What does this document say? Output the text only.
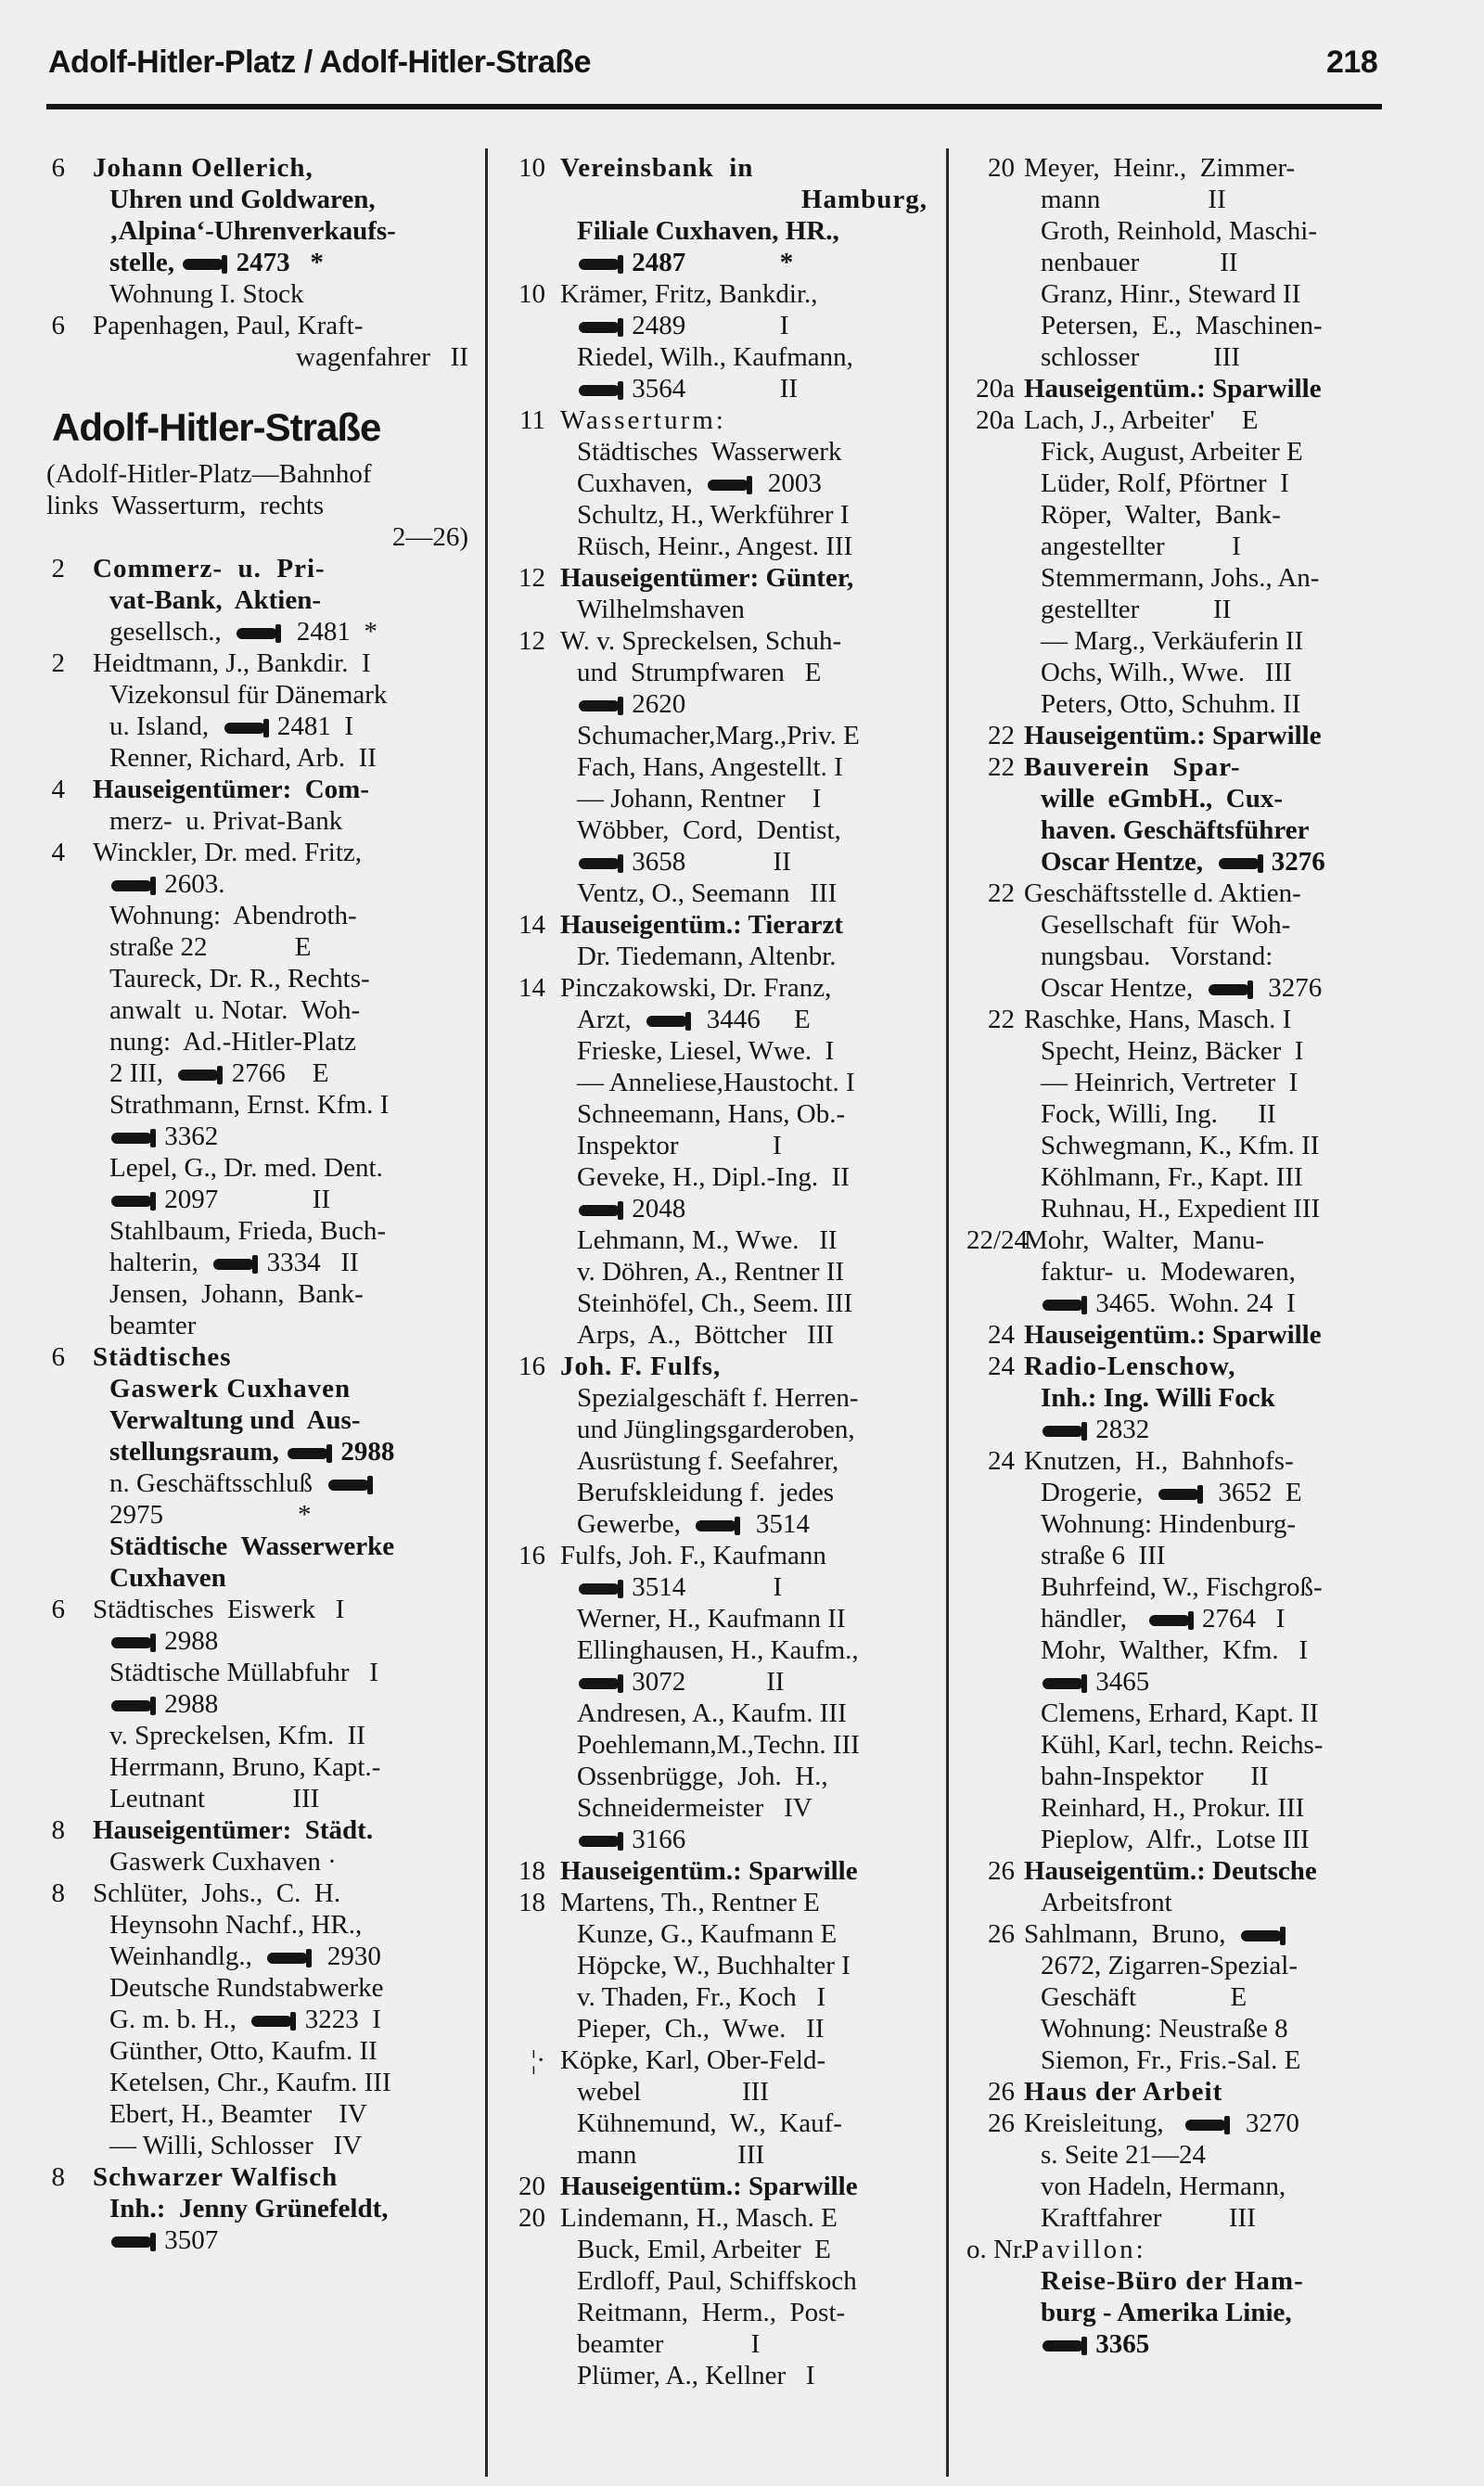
Adolf-Hitler-Platz / Adolf-Hitler-Straße	218
6 Johann Oellerich,
Uhren und Goldwaren,
‚Alpina‘-Uhrenverkaufs-
stelle,  2473   *
Wohnung I. Stock
6 Papenhagen, Paul, Kraft-
wagenfahrer   II
Adolf-Hitler-Straße
(Adolf-Hitler-Platz—Bahnhof
links  Wasserturm,  rechts
2—26)
2 Commerz-  u.  Pri-
vat-Bank,  Aktien-
gesellsch.,    2481  *
2 Heidtmann, J., Bankdir.  I
Vizekonsul für Dänemark
u. Island,   2481  I
Renner, Richard, Arb.  II
4 Hauseigentümer:  Com-
merz-  u. Privat-Bank
4 Winckler, Dr. med. Fritz,
2603.
Wohnung:  Abendroth-
straße 22             E
Taureck, Dr. R., Rechts-
anwalt  u. Notar.  Woh-
nung:  Ad.-Hitler-Platz
2 III,   2766    E
Strathmann, Ernst. Kfm. I
3362
Lepel, G., Dr. med. Dent.
2097              II
Stahlbaum, Frieda, Buch-
halterin,   3334   II
Jensen,  Johann,  Bank-
beamter
6 Städtisches
Gaswerk Cuxhaven
Verwaltung und  Aus-
stellungsraum,  2988
n. Geschäftsschluß
2975                    *
Städtische  Wasserwerke
Cuxhaven
6 Städtisches  Eiswerk   I
2988
Städtische Müllabfuhr   I
2988
v. Spreckelsen, Kfm.  II
Herrmann, Bruno, Kapt.-
Leutnant             III
8 Hauseigentümer:  Städt.
Gaswerk Cuxhaven ·
8 Schlüter,  Johs.,  C.  H.
Heynsohn Nachf., HR.,
Weinhandlg.,    2930
Deutsche Rundstabwerke
G. m. b. H.,   3223  I
Günther, Otto, Kaufm. II
Ketelsen, Chr., Kaufm. III
Ebert, H., Beamter    IV
— Willi, Schlosser   IV
8 Schwarzer Walfisch
Inh.:  Jenny Grünefeldt,
3507
10 Vereinsbank  in
Hamburg,
Filiale Cuxhaven, HR.,
2487              *
10 Krämer, Fritz, Bankdir.,
2489              I
Riedel, Wilh., Kaufmann,
3564              II
11 Wasserturm:
Städtisches  Wasserwerk
Cuxhaven,    2003
Schultz, H., Werkführer I
Rüsch, Heinr., Angest. III
12 Hauseigentümer: Günter,
Wilhelmshaven
12 W. v. Spreckelsen, Schuh-
und  Strumpfwaren   E
2620
Schumacher,Marg.,Priv. E
Fach, Hans, Angestellt. I
— Johann, Rentner    I
Wöbber,  Cord,  Dentist,
3658             II
Ventz, O., Seemann   III
14 Hauseigentüm.: Tierarzt
Dr. Tiedemann, Altenbr.
14 Pinczakowski, Dr. Franz,
Arzt,    3446     E
Frieske, Liesel, Wwe.  I
— Anneliese,Haustocht. I
Schneemann, Hans, Ob.-
Inspektor              I
Geveke, H., Dipl.-Ing.  II
2048
Lehmann, M., Wwe.   II
v. Döhren, A., Rentner II
Steinhöfel, Ch., Seem. III
Arps,  A.,  Böttcher   III
16 Joh. F. Fulfs,
Spezialgeschäft f. Herren-
und Jünglingsgarderoben,
Ausrüstung f. Seefahrer,
Berufskleidung f.  jedes
Gewerbe,    3514
16 Fulfs, Joh. F., Kaufmann
3514             I
Werner, H., Kaufmann II
Ellinghausen, H., Kaufm.,
3072            II
Andresen, A., Kaufm. III
Poehlemann,M.,Techn. III
Ossenbrügge,  Joh.  H.,
Schneidermeister   IV
3166
18 Hauseigentüm.: Sparwille
18 Martens, Th., Rentner E
Kunze, G., Kaufmann E
Höpcke, W., Buchhalter I
v. Thaden, Fr., Koch   I
Pieper,  Ch.,  Wwe.   II
¦· Köpke, Karl, Ober-Feld-
webel               III
Kühnemund,  W.,  Kauf-
mann               III
20 Hauseigentüm.: Sparwille
20 Lindemann, H., Masch. E
Buck, Emil, Arbeiter  E
Erdloff, Paul, Schiffskoch
Reitmann,  Herm.,  Post-
beamter             I
Plümer, A., Kellner   I
20 Meyer,  Heinr.,  Zimmer-
mann                II
Groth, Reinhold, Maschi-
nenbauer            II
Granz, Hinr., Steward II
Petersen,  E.,  Maschinen-
schlosser           III
20a Hauseigentüm.: Sparwille
20a Lach, J., Arbeiter'    E
Fick, August, Arbeiter E
Lüder, Rolf, Pförtner  I
Röper,  Walter,  Bank-
angestellter          I
Stemmermann, Johs., An-
gestellter           II
— Marg., Verkäuferin II
Ochs, Wilh., Wwe.   III
Peters, Otto, Schuhm. II
22 Hauseigentüm.: Sparwille
22 Bauverein   Spar-
wille  eGmbH.,  Cux-
haven. Geschäftsführer
Oscar Hentze,   3276
22 Geschäftsstelle d. Aktien-
Gesellschaft  für  Woh-
nungsbau.   Vorstand:
Oscar Hentze,    3276
22 Raschke, Hans, Masch. I
Specht, Heinz, Bäcker  I
— Heinrich, Vertreter  I
Fock, Willi, Ing.      II
Schwegmann, K., Kfm. II
Köhlmann, Fr., Kapt. III
Ruhnau, H., Expedient III
22/24
Mohr,  Walter,  Manu-
faktur-  u.  Modewaren,
3465.  Wohn. 24  I
24 Hauseigentüm.: Sparwille
24 Radio-Lenschow,
Inh.: Ing. Willi Fock
2832
24 Knutzen,  H.,  Bahnhofs-
Drogerie,    3652  E
Wohnung: Hindenburg-
straße 6  III
Buhrfeind, W., Fischgroß-
händler,    2764   I
Mohr,  Walther,  Kfm.   I
3465
Clemens, Erhard, Kapt. II
Kühl, Karl, techn. Reichs-
bahn-Inspektor       II
Reinhard, H., Prokur. III
Pieplow,  Alfr.,  Lotse III
26 Hauseigentüm.: Deutsche
Arbeitsfront
26 Sahlmann,  Bruno,
2672, Zigarren-Spezial-
Geschäft              E
Wohnung: Neustraße 8
Siemon, Fr., Fris.-Sal. E
26 Haus der Arbeit
26 Kreisleitung,     3270
s. Seite 21—24
von Hadeln, Hermann,
Kraftfahrer          III
o. Nr.
Pavillon:
Reise-Büro der Ham-
burg - Amerika Linie,
3365
